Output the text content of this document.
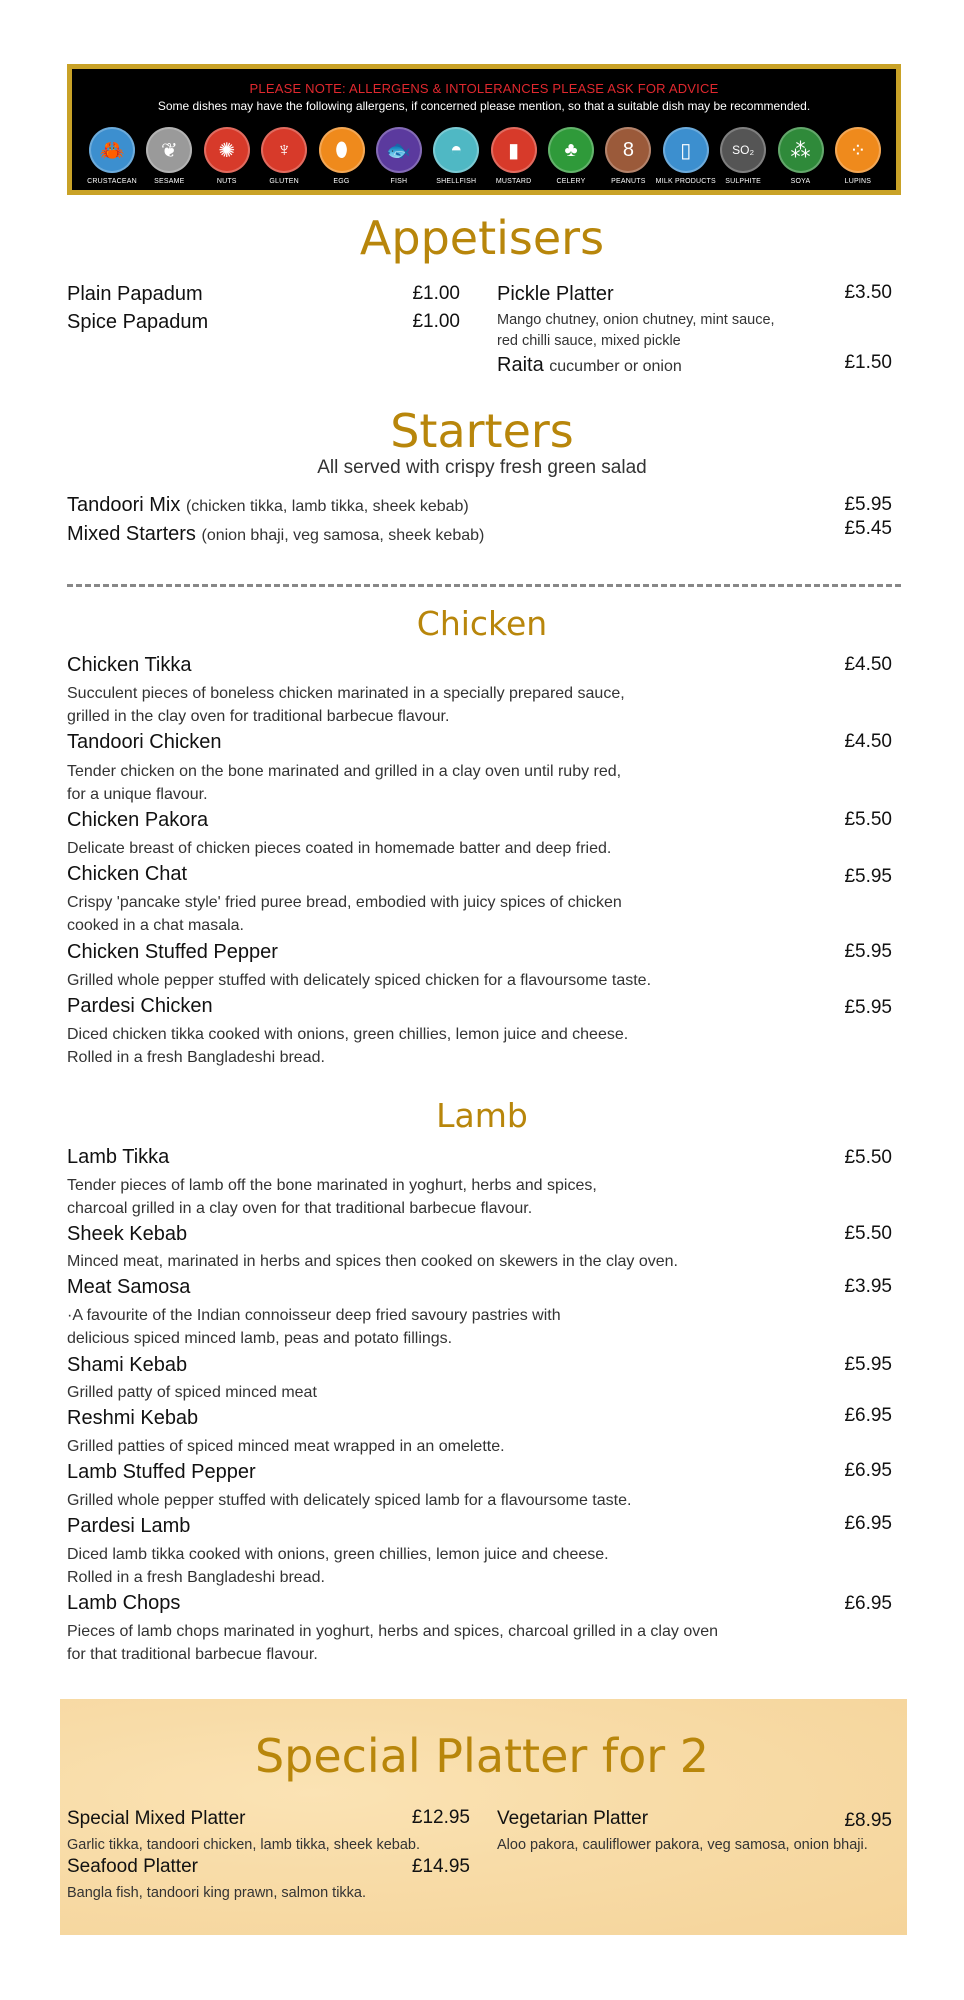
PLEASE NOTE: ALLERGENS & INTOLERANCES PLEASE ASK FOR ADVICE
Some dishes may have the following allergens, if concerned please mention, so that a suitable dish may be recommended.
🦀
CRUSTACEAN
❦
SESAME
✺
NUTS
♆
GLUTEN
⬮
EGG
🐟
FISH
◓
SHELLFISH
▮
MUSTARD
♣
CELERY
8
PEANUTS
▯
MILK PRODUCTS
SO₂
SULPHITE
⁂
SOYA
⁘
LUPINS
Appetisers
Plain Papadum	£1.00
Spice Papadum	£1.00
Pickle Platter	£3.50
Mango chutney, onion chutney, mint sauce,
red chilli sauce, mixed pickle
Raita cucumber or onion	£1.50
Starters
All served with crispy fresh green salad
Tandoori Mix (chicken tikka, lamb tikka, sheek kebab)	£5.95
Mixed Starters (onion bhaji, veg samosa, sheek kebab)	£5.45
Chicken
Chicken Tikka	£4.50
Succulent pieces of boneless chicken marinated in a specially prepared sauce,
grilled in the clay oven for traditional barbecue flavour.
Tandoori Chicken	£4.50
Tender chicken on the bone marinated and grilled in a clay oven until ruby red,
for a unique flavour.
Chicken Pakora	£5.50
Delicate breast of chicken pieces coated in homemade batter and deep fried.
Chicken Chat	£5.95
Crispy 'pancake style' fried puree bread, embodied with juicy spices of chicken
cooked in a chat masala.
Chicken Stuffed Pepper	£5.95
Grilled whole pepper stuffed with delicately spiced chicken for a flavoursome taste.
Pardesi Chicken	£5.95
Diced chicken tikka cooked with onions, green chillies, lemon juice and cheese.
Rolled in a fresh Bangladeshi bread.
Lamb
Lamb Tikka	£5.50
Tender pieces of lamb off the bone marinated in yoghurt, herbs and spices,
charcoal grilled in a clay oven for that traditional barbecue flavour.
Sheek Kebab	£5.50
Minced meat, marinated in herbs and spices then cooked on skewers in the clay oven.
Meat Samosa	£3.95
·A favourite of the Indian connoisseur deep fried savoury pastries with
delicious spiced minced lamb, peas and potato fillings.
Shami Kebab	£5.95
Grilled patty of spiced minced meat
Reshmi Kebab	£6.95
Grilled patties of spiced minced meat wrapped in an omelette.
Lamb Stuffed Pepper	£6.95
Grilled whole pepper stuffed with delicately spiced lamb for a flavoursome taste.
Pardesi Lamb	£6.95
Diced lamb tikka cooked with onions, green chillies, lemon juice and cheese.
Rolled in a fresh Bangladeshi bread.
Lamb Chops	£6.95
Pieces of lamb chops marinated in yoghurt, herbs and spices, charcoal grilled in a clay oven
for that traditional barbecue flavour.
Special Platter for 2
Special Mixed Platter	£12.95
Garlic tikka, tandoori chicken, lamb tikka, sheek kebab.
Seafood Platter	£14.95
Bangla fish, tandoori king prawn, salmon tikka.
Vegetarian Platter	£8.95
Aloo pakora, cauliflower pakora, veg samosa, onion bhaji.
